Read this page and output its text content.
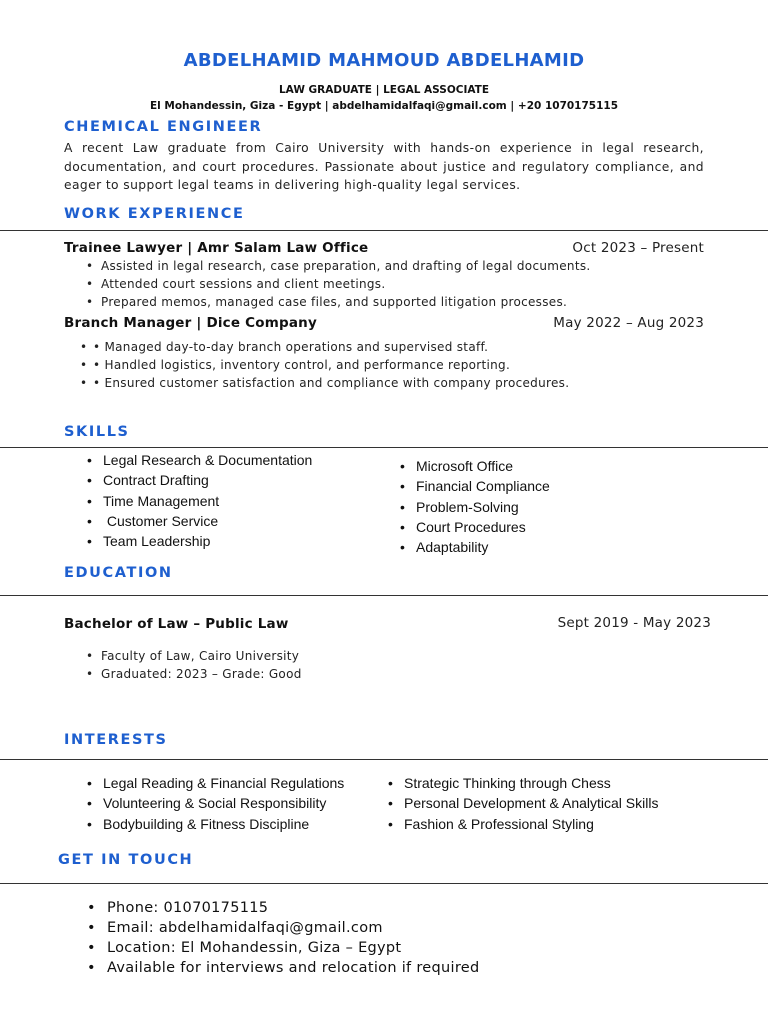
ABDELHAMID MAHMOUD ABDELHAMID
LAW GRADUATE | LEGAL ASSOCIATE
El Mohandessin, Giza - Egypt | abdelhamidalfaqi@gmail.com | +20 1070175115
CHEMICAL ENGINEER
A recent Law graduate from Cairo University with hands-on experience in legal research, documentation, and court procedures. Passionate about justice and regulatory compliance, and eager to support legal teams in delivering high-quality legal services.
WORK EXPERIENCE
Trainee Lawyer | Amr Salam Law Office	Oct 2023 – Present
• Assisted in legal research, case preparation, and drafting of legal documents.
• Attended court sessions and client meetings.
• Prepared memos, managed case files, and supported litigation processes.
Branch Manager | Dice Company	May 2022 – Aug 2023
• • Managed day-to-day branch operations and supervised staff.
• • Handled logistics, inventory control, and performance reporting.
• • Ensured customer satisfaction and compliance with company procedures.
SKILLS
• Legal Research & Documentation
• Contract Drafting
• Time Management
• Customer Service
• Team Leadership
• Microsoft Office
• Financial Compliance
• Problem-Solving
• Court Procedures
• Adaptability
EDUCATION
Bachelor of Law – Public Law	Sept 2019 - May 2023
• Faculty of Law, Cairo University
• Graduated: 2023 – Grade: Good
INTERESTS
• Legal Reading & Financial Regulations
• Volunteering & Social Responsibility
• Bodybuilding & Fitness Discipline
• Strategic Thinking through Chess
• Personal Development & Analytical Skills
• Fashion & Professional Styling
GET IN TOUCH
• Phone: 01070175115
• Email: abdelhamidalfaqi@gmail.com
• Location: El Mohandessin, Giza – Egypt
• Available for interviews and relocation if required
